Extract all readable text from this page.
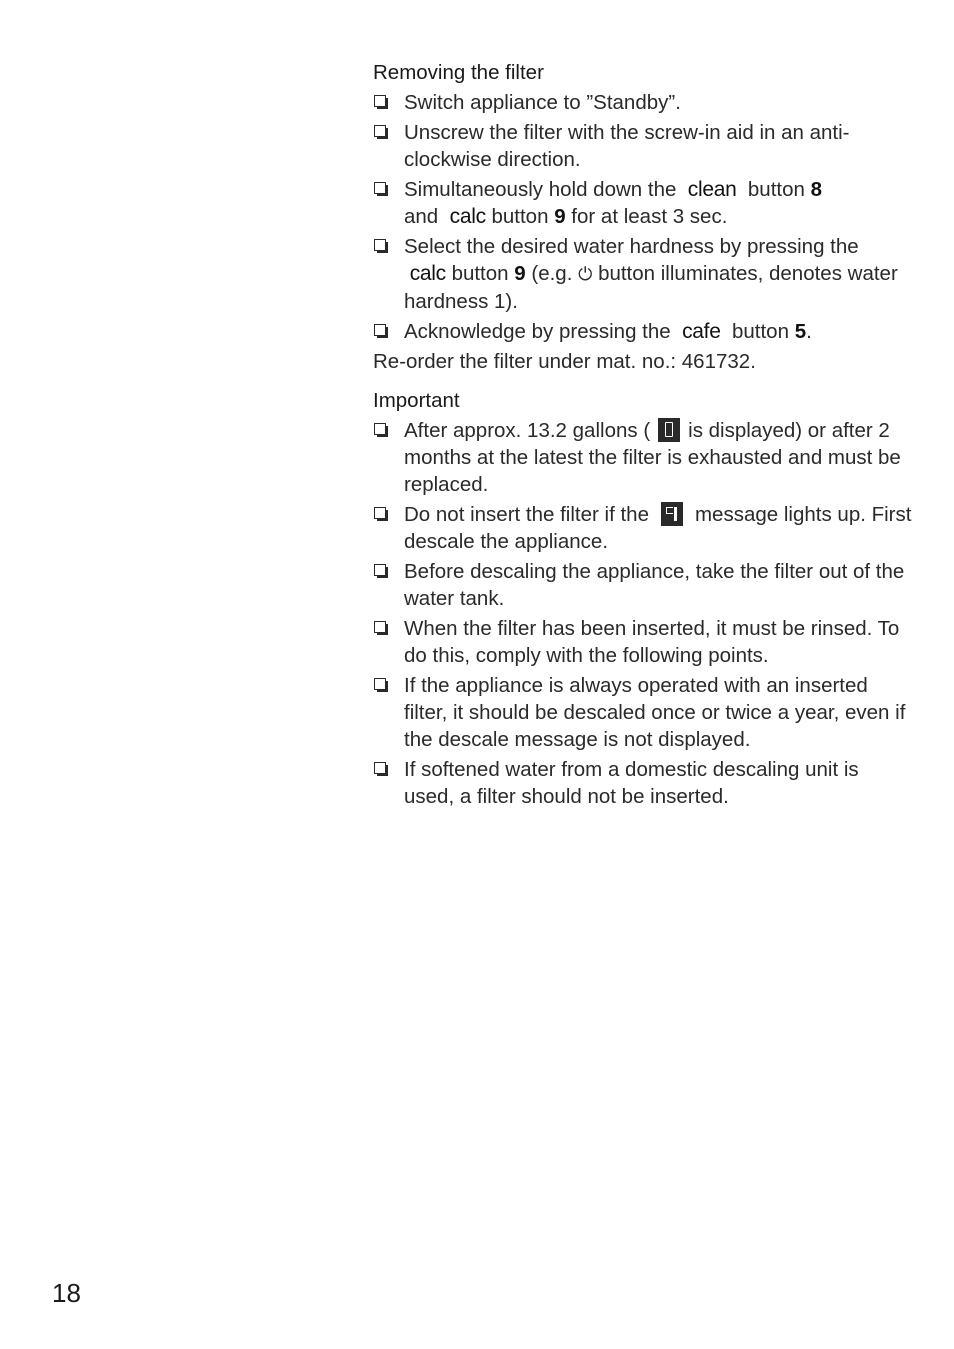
Removing the filter

Switch appliance to ”Standby”.
Unscrew the filter with the screw-in aid in an anti-clockwise direction.
Simultaneously hold down the clean button 8
and calc button 9 for at least 3 sec.
Select the desired water hardness by pressing the
calc button 9 (e.g. ⏻ button illuminates, denotes water hardness 1).
Acknowledge by pressing the cafe button 5.

Re-order the filter under mat. no.: 461732.

Important

After approx. 13.2 gallons ( is displayed) or after 2 months at the latest the filter is exhausted and must be replaced.
Do not insert the filter if the message lights up. First descale the appliance.
Before descaling the appliance, take the filter out of the water tank.
When the filter has been inserted, it must be rinsed. To do this, comply with the following points.
If the appliance is always operated with an inserted filter, it should be descaled once or twice a year, even if the descale message is not displayed.
If softened water from a domestic descaling unit is used, a filter should not be inserted.
18
